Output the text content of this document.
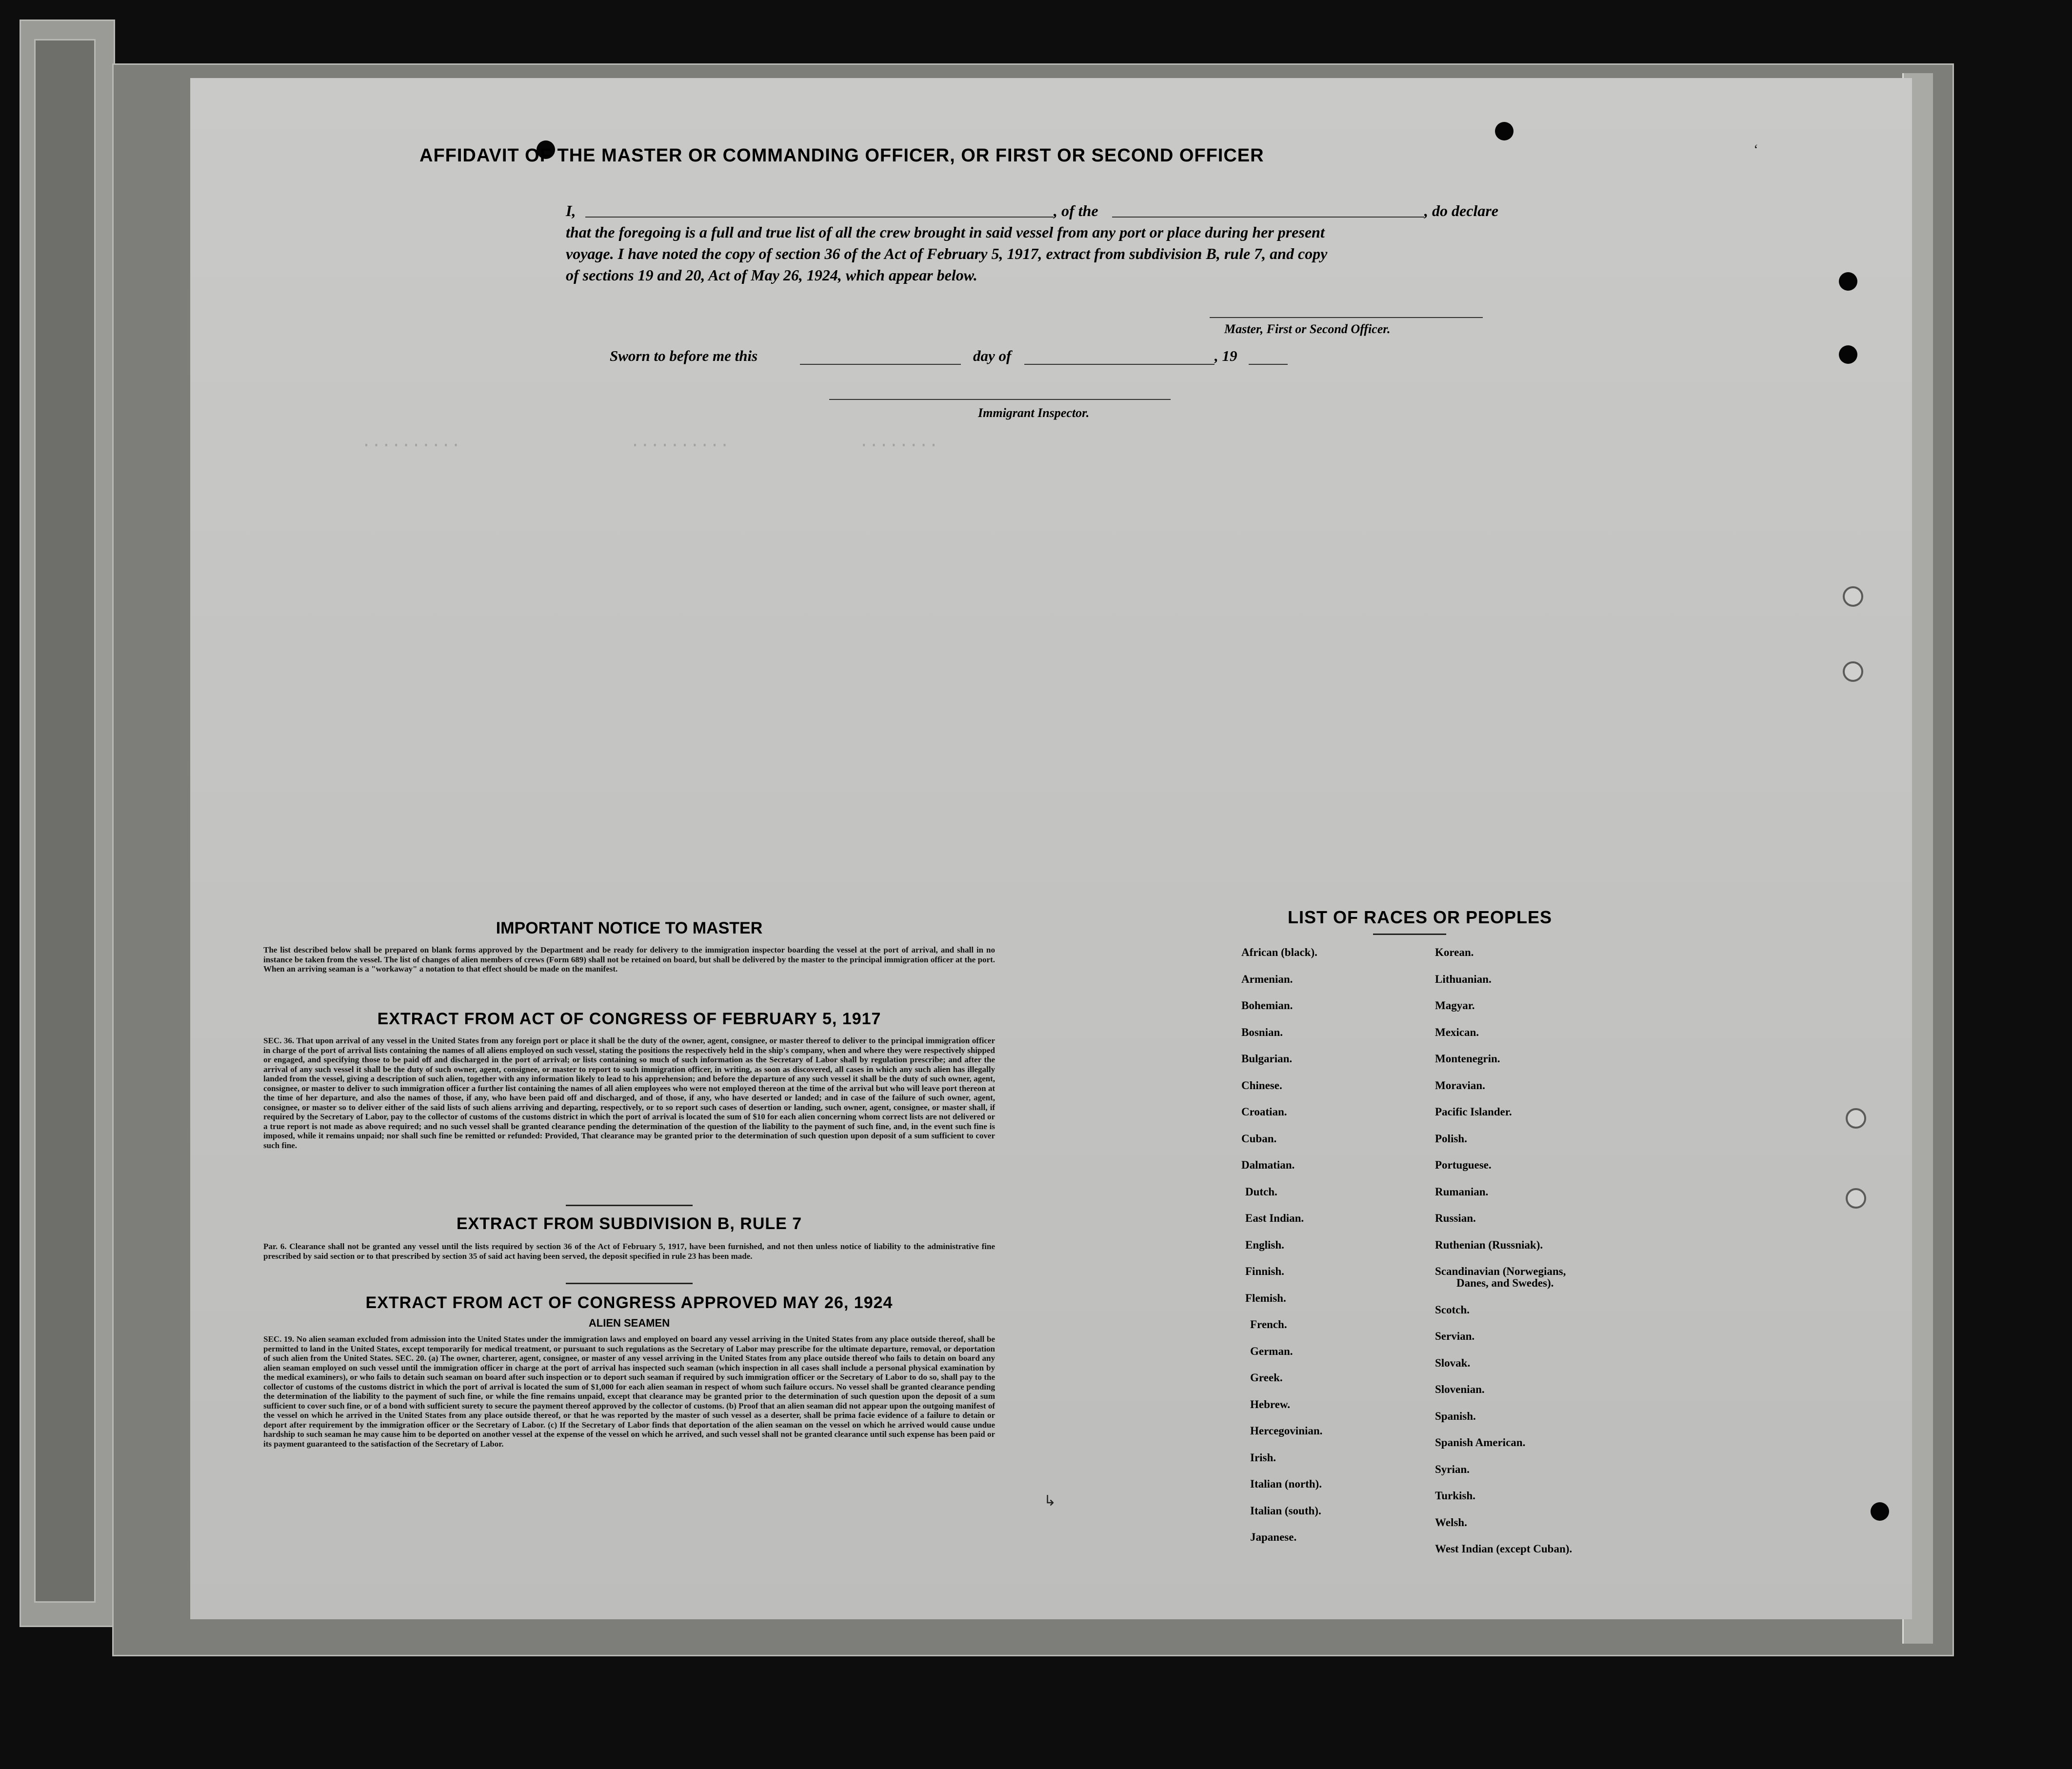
..........                 ..........             ........

AFFIDAVIT OF THE MASTER OR COMMANDING OFFICER, OR FIRST OR SECOND OFFICER
I,	, of the	, do declare
that the foregoing is a full and true list of all the crew brought in said vessel from any port or place during her present
voyage. I have noted the copy of section 36 of the Act of February 5, 1917, extract from subdivision B, rule 7, and copy
of sections 19 and 20, Act of May 26, 1924, which appear below.
Master, First or Second Officer.
Sworn to before me this	day of	, 19
Immigrant Inspector.
IMPORTANT NOTICE TO MASTER
The list described below shall be prepared on blank forms approved by the Department and be ready for delivery to the immigration inspector boarding the vessel at the port of arrival, and shall in no instance be taken from the vessel. The list of changes of alien members of crews (Form 689) shall not be retained on board, but shall be delivered by the master to the principal immigration officer at the port. When an arriving seaman is a "workaway" a notation to that effect should be made on the manifest.
EXTRACT FROM ACT OF CONGRESS OF FEBRUARY 5, 1917
SEC. 36. That upon arrival of any vessel in the United States from any foreign port or place it shall be the duty of the owner, agent, consignee, or master thereof to deliver to the principal immigration officer in charge of the port of arrival lists containing the names of all aliens employed on such vessel, stating the positions the respectively held in the ship's company, when and where they were respectively shipped or engaged, and specifying those to be paid off and discharged in the port of arrival; or lists containing so much of such information as the Secretary of Labor shall by regulation prescribe; and after the arrival of any such vessel it shall be the duty of such owner, agent, consignee, or master to report to such immigration officer, in writing, as soon as discovered, all cases in which any such alien has illegally landed from the vessel, giving a description of such alien, together with any information likely to lead to his apprehension; and before the departure of any such vessel it shall be the duty of such owner, agent, consignee, or master to deliver to such immigration officer a further list containing the names of all alien employees who were not employed thereon at the time of the arrival but who will leave port thereon at the time of her departure, and also the names of those, if any, who have been paid off and discharged, and of those, if any, who have deserted or landed; and in case of the failure of such owner, agent, consignee, or master so to deliver either of the said lists of such aliens arriving and departing, respectively, or to so report such cases of desertion or landing, such owner, agent, consignee, or master shall, if required by the Secretary of Labor, pay to the collector of customs of the customs district in which the port of arrival is located the sum of $10 for each alien concerning whom correct lists are not delivered or a true report is not made as above required; and no such vessel shall be granted clearance pending the determination of the question of the liability to the payment of such fine, and, in the event such fine is imposed, while it remains unpaid; nor shall such fine be remitted or refunded: Provided, That clearance may be granted prior to the determination of such question upon deposit of a sum sufficient to cover such fine.
EXTRACT FROM SUBDIVISION B, RULE 7
Par. 6. Clearance shall not be granted any vessel until the lists required by section 36 of the Act of February 5, 1917, have been furnished, and not then unless notice of liability to the administrative fine prescribed by said section or to that prescribed by section 35 of said act having been served, the deposit specified in rule 23 has been made.
EXTRACT FROM ACT OF CONGRESS APPROVED MAY 26, 1924
ALIEN SEAMEN
SEC. 19. No alien seaman excluded from admission into the United States under the immigration laws and employed on board any vessel arriving in the United States from any place outside thereof, shall be permitted to land in the United States, except temporarily for medical treatment, or pursuant to such regulations as the Secretary of Labor may prescribe for the ultimate departure, removal, or deportation of such alien from the United States. SEC. 20. (a) The owner, charterer, agent, consignee, or master of any vessel arriving in the United States from any place outside thereof who fails to detain on board any alien seaman employed on such vessel until the immigration officer in charge at the port of arrival has inspected such seaman (which inspection in all cases shall include a personal physical examination by the medical examiners), or who fails to detain such seaman on board after such inspection or to deport such seaman if required by such immigration officer or the Secretary of Labor to do so, shall pay to the collector of customs of the customs district in which the port of arrival is located the sum of $1,000 for each alien seaman in respect of whom such failure occurs. No vessel shall be granted clearance pending the determination of the liability to the payment of such fine, or while the fine remains unpaid, except that clearance may be granted prior to the determination of such question upon the deposit of a sum sufficient to cover such fine, or of a bond with sufficient surety to secure the payment thereof approved by the collector of customs. (b) Proof that an alien seaman did not appear upon the outgoing manifest of the vessel on which he arrived in the United States from any place outside thereof, or that he was reported by the master of such vessel as a deserter, shall be prima facie evidence of a failure to detain or deport after requirement by the immigration officer or the Secretary of Labor. (c) If the Secretary of Labor finds that deportation of the alien seaman on the vessel on which he arrived would cause undue hardship to such seaman he may cause him to be deported on another vessel at the expense of the vessel on which he arrived, and such vessel shall not be granted clearance until such expense has been paid or its payment guaranteed to the satisfaction of the Secretary of Labor.
LIST OF RACES OR PEOPLES
African (black).
Armenian.
Bohemian.
Bosnian.
Bulgarian.
Chinese.
Croatian.
Cuban.
Dalmatian.
Dutch.
East Indian.
English.
Finnish.
Flemish.
French.
German.
Greek.
Hebrew.
Hercegovinian.
Irish.
Italian (north).
Italian (south).
Japanese.
Korean.
Lithuanian.
Magyar.
Mexican.
Montenegrin.
Moravian.
Pacific Islander.
Polish.
Portuguese.
Rumanian.
Russian.
Ruthenian (Russniak).
Scandinavian (Norwegians,
Danes, and Swedes).
Scotch.
Servian.
Slovak.
Slovenian.
Spanish.
Spanish American.
Syrian.
Turkish.
Welsh.
West Indian (except Cuban).
‘
↳
